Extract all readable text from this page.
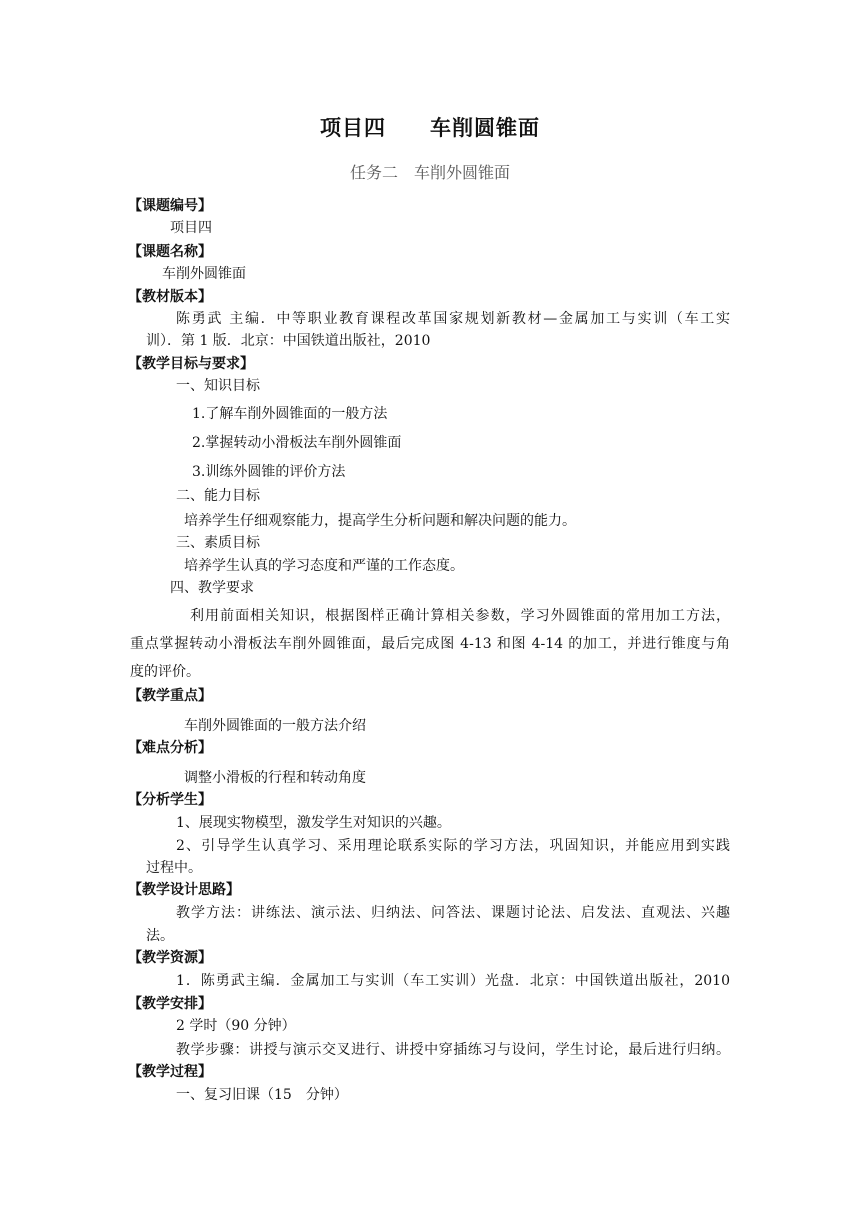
项目四　　车削圆锥面
任务二　车削外圆锥面
【课题编号】
项目四
【课题名称】
车削外圆锥面
【教材版本】
陈勇武 主编．中等职业教育课程改革国家规划新教材—金属加工与实训（车工实
训）．第 1 版．北京：中国铁道出版社，2010
【教学目标与要求】
一、知识目标
1.了解车削外圆锥面的一般方法
2.掌握转动小滑板法车削外圆锥面
3.训练外圆锥的评价方法
二、能力目标
培养学生仔细观察能力，提高学生分析问题和解决问题的能力。
三、素质目标
培养学生认真的学习态度和严谨的工作态度。
四、教学要求
利用前面相关知识，根据图样正确计算相关参数，学习外圆锥面的常用加工方法，
重点掌握转动小滑板法车削外圆锥面，最后完成图 4-13 和图 4-14 的加工，并进行锥度与角
度的评价。
【教学重点】
车削外圆锥面的一般方法介绍
【难点分析】
调整小滑板的行程和转动角度
【分析学生】
1、展现实物模型，激发学生对知识的兴趣。
2、引导学生认真学习、采用理论联系实际的学习方法，巩固知识，并能应用到实践
过程中。
【教学设计思路】
教学方法：讲练法、演示法、归纳法、问答法、课题讨论法、启发法、直观法、兴趣
法。
【教学资源】
1．陈勇武主编．金属加工与实训（车工实训）光盘．北京：中国铁道出版社，2010
【教学安排】
2 学时（90 分钟）
教学步骤：讲授与演示交叉进行、讲授中穿插练习与设问，学生讨论，最后进行归纳。
【教学过程】
一、复习旧课（15　分钟）
